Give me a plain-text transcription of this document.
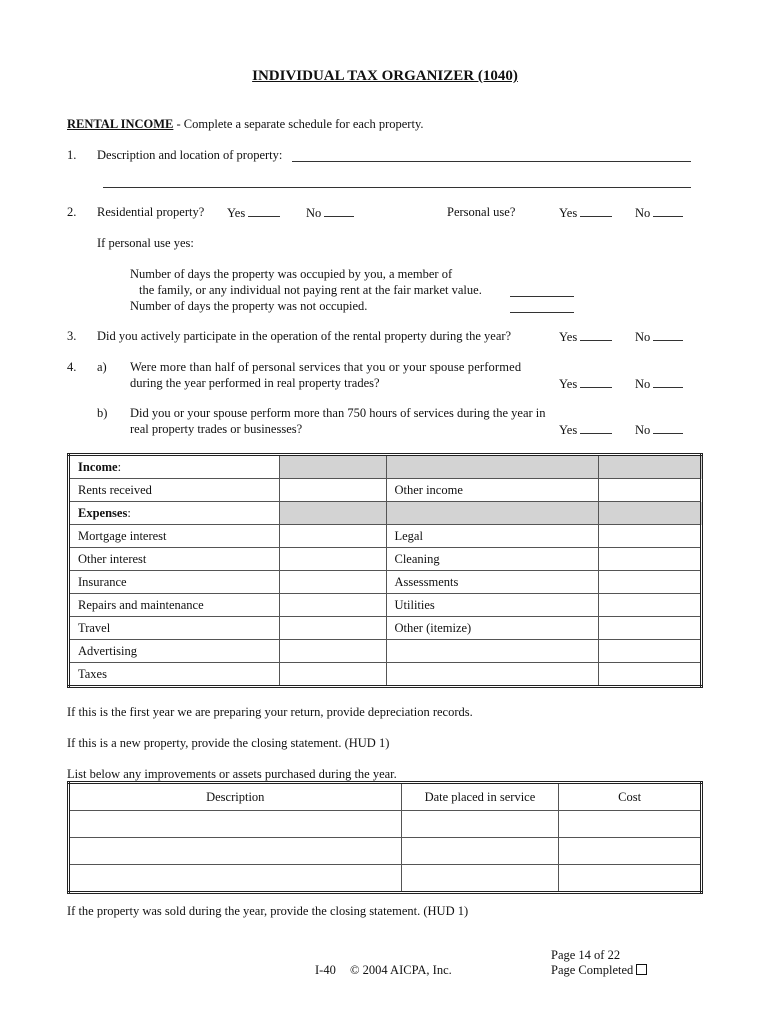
INDIVIDUAL TAX ORGANIZER (1040)
RENTAL INCOME - Complete a separate schedule for each property.
1. Description and location of property:
2. Residential property? Yes	No	Personal use?	Yes	No
If personal use yes:
Number of days the property was occupied by you, a member of
the family, or any individual not paying rent at the fair market value.
Number of days the property was not occupied.
3. Did you actively participate in the operation of the rental property during the year?	Yes	No
4. a) Were more than half of personal services that you or your spouse performed
during the year performed in real property trades?	Yes	No
b) Did you or your spouse perform more than 750 hours of services during the year in
real property trades or businesses?	Yes	No
Income:			
Rents received		Other income	
Expenses:			
Mortgage interest		Legal	
Other interest		Cleaning	
Insurance		Assessments	
Repairs and maintenance		Utilities	
Travel		Other (itemize)	
Advertising			
Taxes			
If this is the first year we are preparing your return, provide depreciation records.
If this is a new property, provide the closing statement. (HUD 1)
List below any improvements or assets purchased during the year.
Description	Date placed in service	Cost

If the property was sold during the year, provide the closing statement. (HUD 1)
Page 14 of 22
I-40 © 2004 AICPA, Inc.	Page Completed
